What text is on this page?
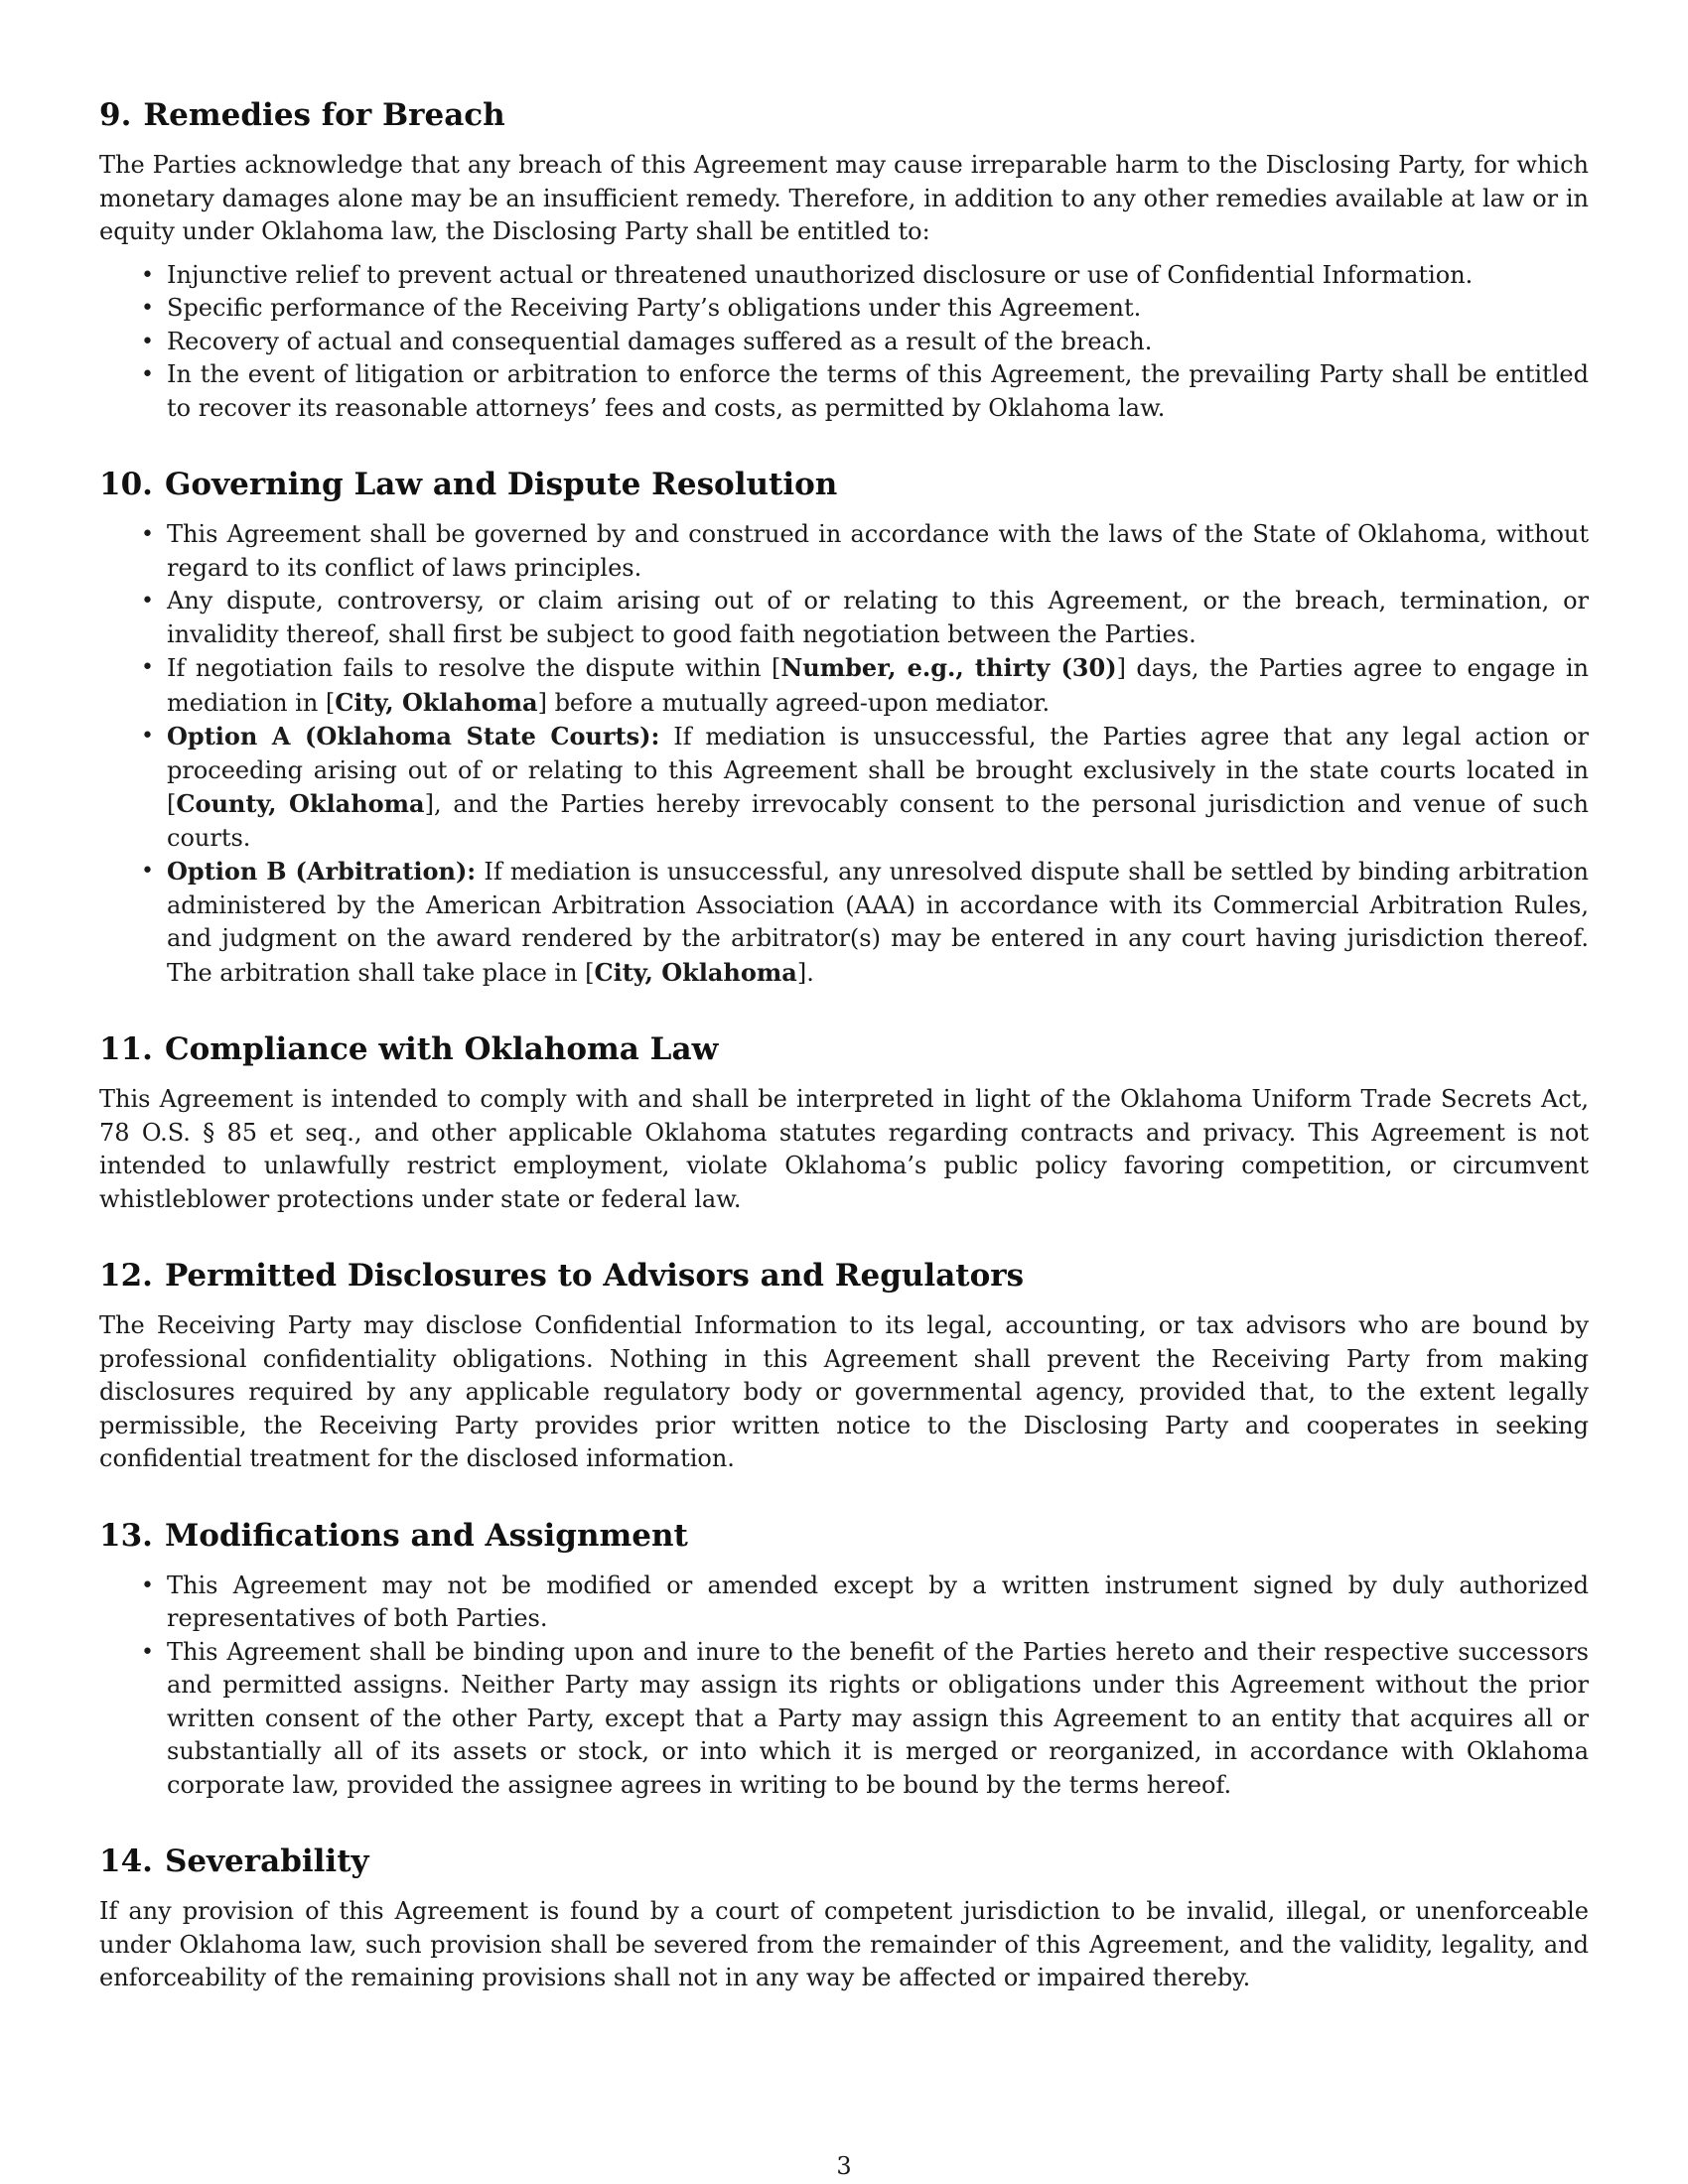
9. Remedies for Breach

The Parties acknowledge that any breach of this Agreement may cause irreparable harm to the Disclosing Party, for which monetary damages alone may be an insufficient remedy. Therefore, in addition to any other remedies available at law or in equity under Oklahoma law, the Disclosing Party shall be entitled to:

• Injunctive relief to prevent actual or threatened unauthorized disclosure or use of Confidential Information.
• Specific performance of the Receiving Party’s obligations under this Agreement.
• Recovery of actual and consequential damages suffered as a result of the breach.
• In the event of litigation or arbitration to enforce the terms of this Agreement, the prevailing Party shall be entitled to recover its reasonable attorneys’ fees and costs, as permitted by Oklahoma law.
10. Governing Law and Dispute Resolution
• This Agreement shall be governed by and construed in accordance with the laws of the State of Oklahoma, without regard to its conflict of laws principles.
• Any dispute, controversy, or claim arising out of or relating to this Agreement, or the breach, termination, or invalidity thereof, shall first be subject to good faith negotiation between the Parties.
• If negotiation fails to resolve the dispute within [Number, e.g., thirty (30)] days, the Parties agree to engage in mediation in [City, Oklahoma] before a mutually agreed-upon mediator.
• Option A (Oklahoma State Courts): If mediation is unsuccessful, the Parties agree that any legal action or proceeding arising out of or relating to this Agreement shall be brought exclusively in the state courts located in [County, Oklahoma], and the Parties hereby irrevocably consent to the personal jurisdiction and venue of such courts.
• Option B (Arbitration): If mediation is unsuccessful, any unresolved dispute shall be settled by binding arbitration administered by the American Arbitration Association (AAA) in accordance with its Commercial Arbitration Rules, and judgment on the award rendered by the arbitrator(s) may be entered in any court having jurisdiction thereof. The arbitration shall take place in [City, Oklahoma].
11. Compliance with Oklahoma Law

This Agreement is intended to comply with and shall be interpreted in light of the Oklahoma Uniform Trade Secrets Act, 78 O.S. § 85 et seq., and other applicable Oklahoma statutes regarding contracts and privacy. This Agreement is not intended to unlawfully restrict employment, violate Oklahoma’s public policy favoring competition, or circumvent whistleblower protections under state or federal law.

12. Permitted Disclosures to Advisors and Regulators

The Receiving Party may disclose Confidential Information to its legal, accounting, or tax advisors who are bound by professional confidentiality obligations. Nothing in this Agreement shall prevent the Receiving Party from making disclosures required by any applicable regulatory body or governmental agency, provided that, to the extent legally permissible, the Receiving Party provides prior written notice to the Disclosing Party and cooperates in seeking confidential treatment for the disclosed information.

13. Modifications and Assignment
• This Agreement may not be modified or amended except by a written instrument signed by duly authorized representatives of both Parties.
• This Agreement shall be binding upon and inure to the benefit of the Parties hereto and their respective successors and permitted assigns. Neither Party may assign its rights or obligations under this Agreement without the prior written consent of the other Party, except that a Party may assign this Agreement to an entity that acquires all or substantially all of its assets or stock, or into which it is merged or reorganized, in accordance with Oklahoma corporate law, provided the assignee agrees in writing to be bound by the terms hereof.
14. Severability

If any provision of this Agreement is found by a court of competent jurisdiction to be invalid, illegal, or unenforceable under Oklahoma law, such provision shall be severed from the remainder of this Agreement, and the validity, legality, and enforceability of the remaining provisions shall not in any way be affected or impaired thereby.

3
